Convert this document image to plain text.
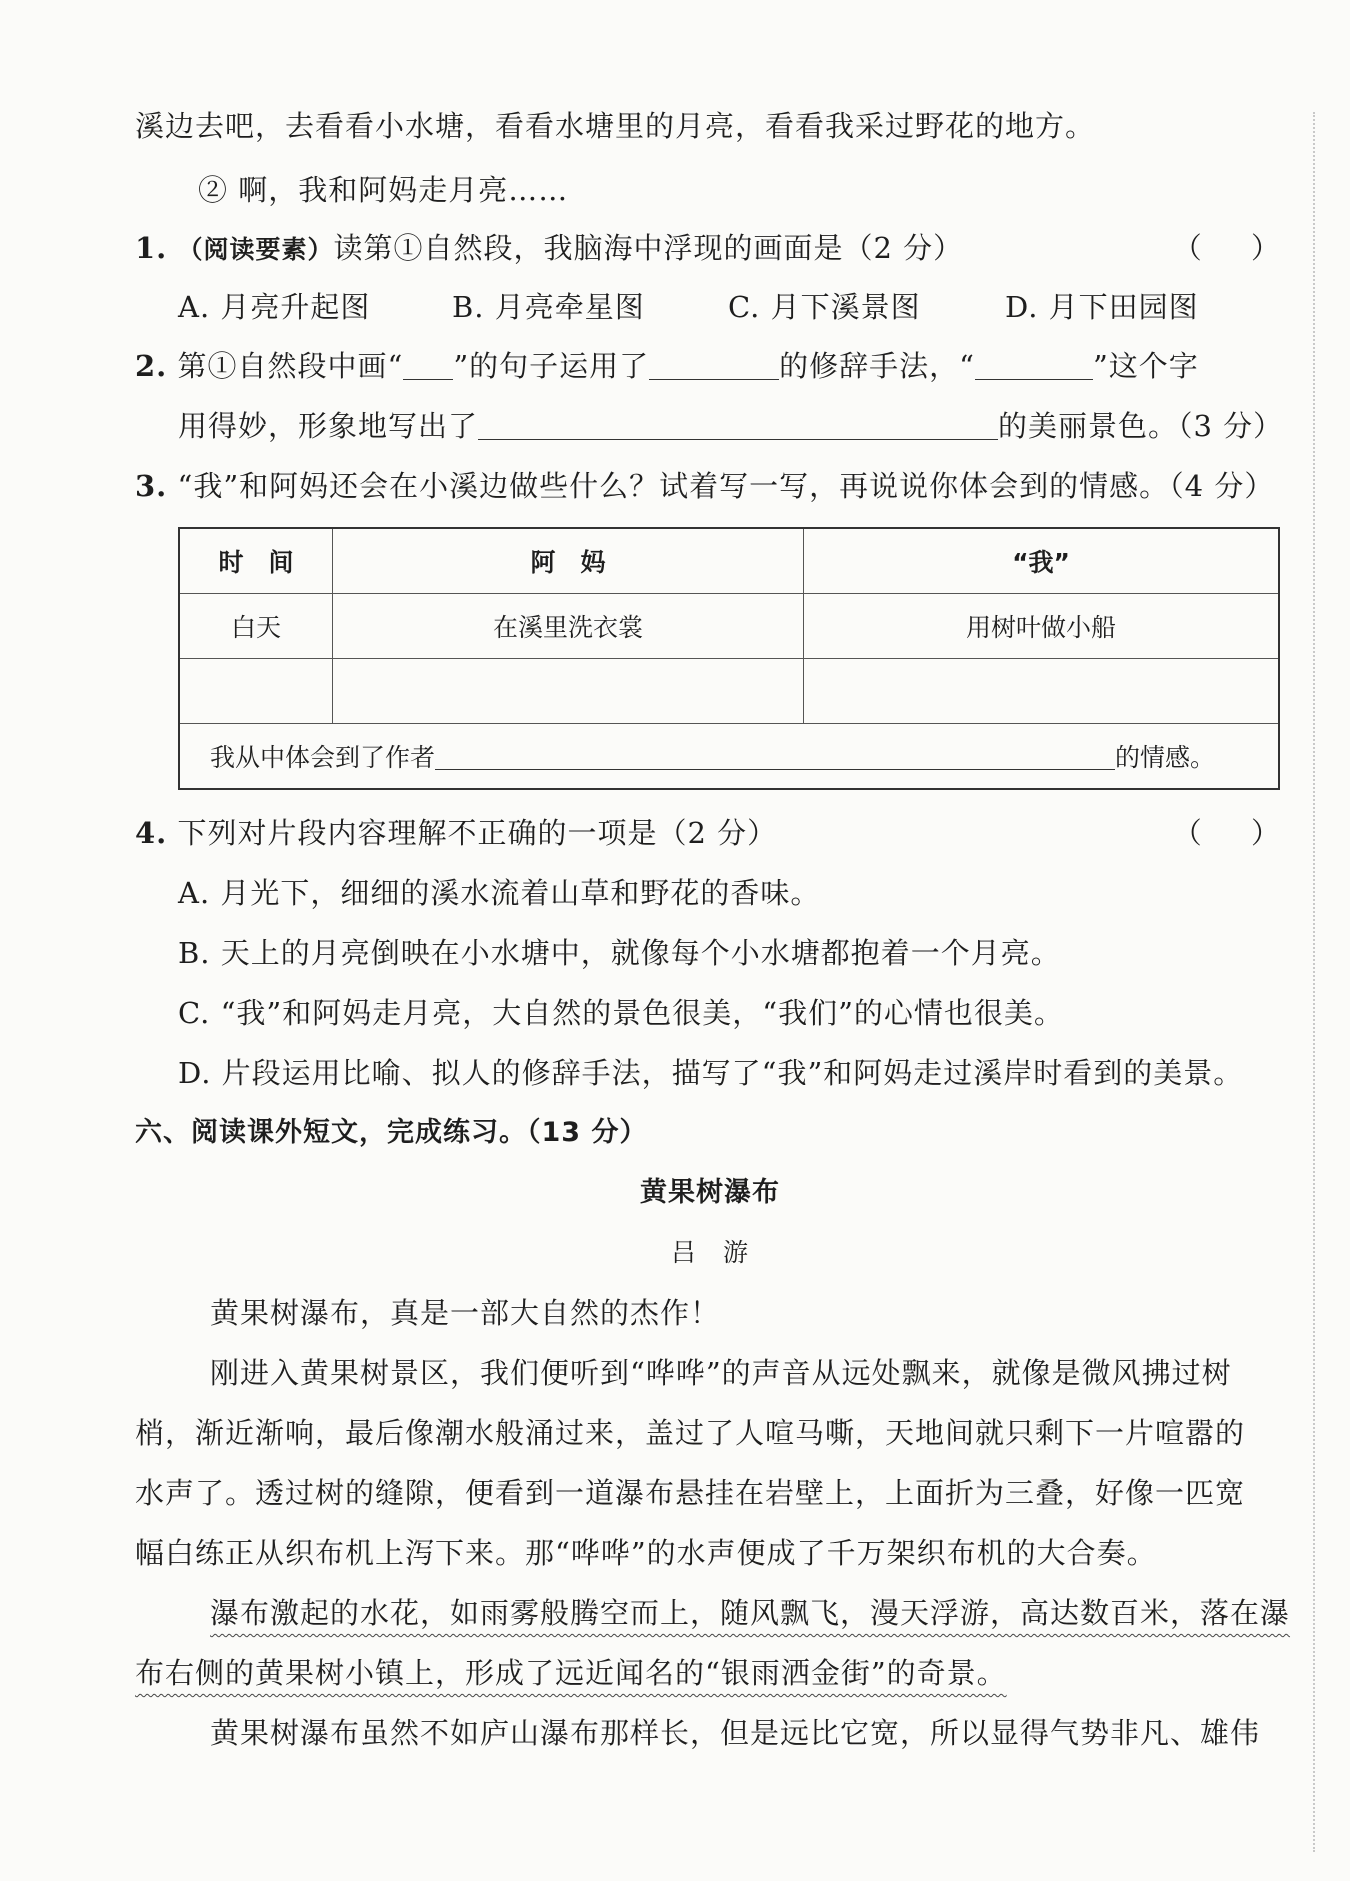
溪边去吧，去看看小水塘，看看水塘里的月亮，看看我采过野花的地方。
② 啊，我和阿妈走月亮……
1. （阅读要素）读第①自然段，我脑海中浮现的画面是（2 分）	（ ）
A. 月亮升起图	B. 月亮牵星图	C. 月下溪景图	D. 月下田园图
2. 第①自然段中画“ ”的句子运用了	的修辞手法，“	”这个字
用得妙，形象地写出了	的美丽景色。（3 分）
3. “我”和阿妈还会在小溪边做些什么？试着写一写，再说说你体会到的情感。（4 分）
时　间	阿　妈	“我”
白天	在溪里洗衣裳	用树叶做小船

我从中体会到了作者 的情感。		
4. 下列对片段内容理解不正确的一项是（2 分）	（ ）
A. 月光下，细细的溪水流着山草和野花的香味。
B. 天上的月亮倒映在小水塘中，就像每个小水塘都抱着一个月亮。
C. “我”和阿妈走月亮，大自然的景色很美，“我们”的心情也很美。
D. 片段运用比喻、拟人的修辞手法，描写了“我”和阿妈走过溪岸时看到的美景。
六、阅读课外短文，完成练习。（13 分）
黄果树瀑布
吕　游
黄果树瀑布，真是一部大自然的杰作！
刚进入黄果树景区，我们便听到“哗哗”的声音从远处飘来，就像是微风拂过树
梢，渐近渐响，最后像潮水般涌过来，盖过了人喧马嘶，天地间就只剩下一片喧嚣的
水声了。透过树的缝隙，便看到一道瀑布悬挂在岩壁上，上面折为三叠，好像一匹宽
幅白练正从织布机上泻下来。那“哗哗”的水声便成了千万架织布机的大合奏。
瀑布激起的水花，如雨雾般腾空而上，随风飘飞，漫天浮游，高达数百米，落在瀑
布右侧的黄果树小镇上，形成了远近闻名的“银雨洒金街”的奇景。
黄果树瀑布虽然不如庐山瀑布那样长，但是远比它宽，所以显得气势非凡、雄伟
